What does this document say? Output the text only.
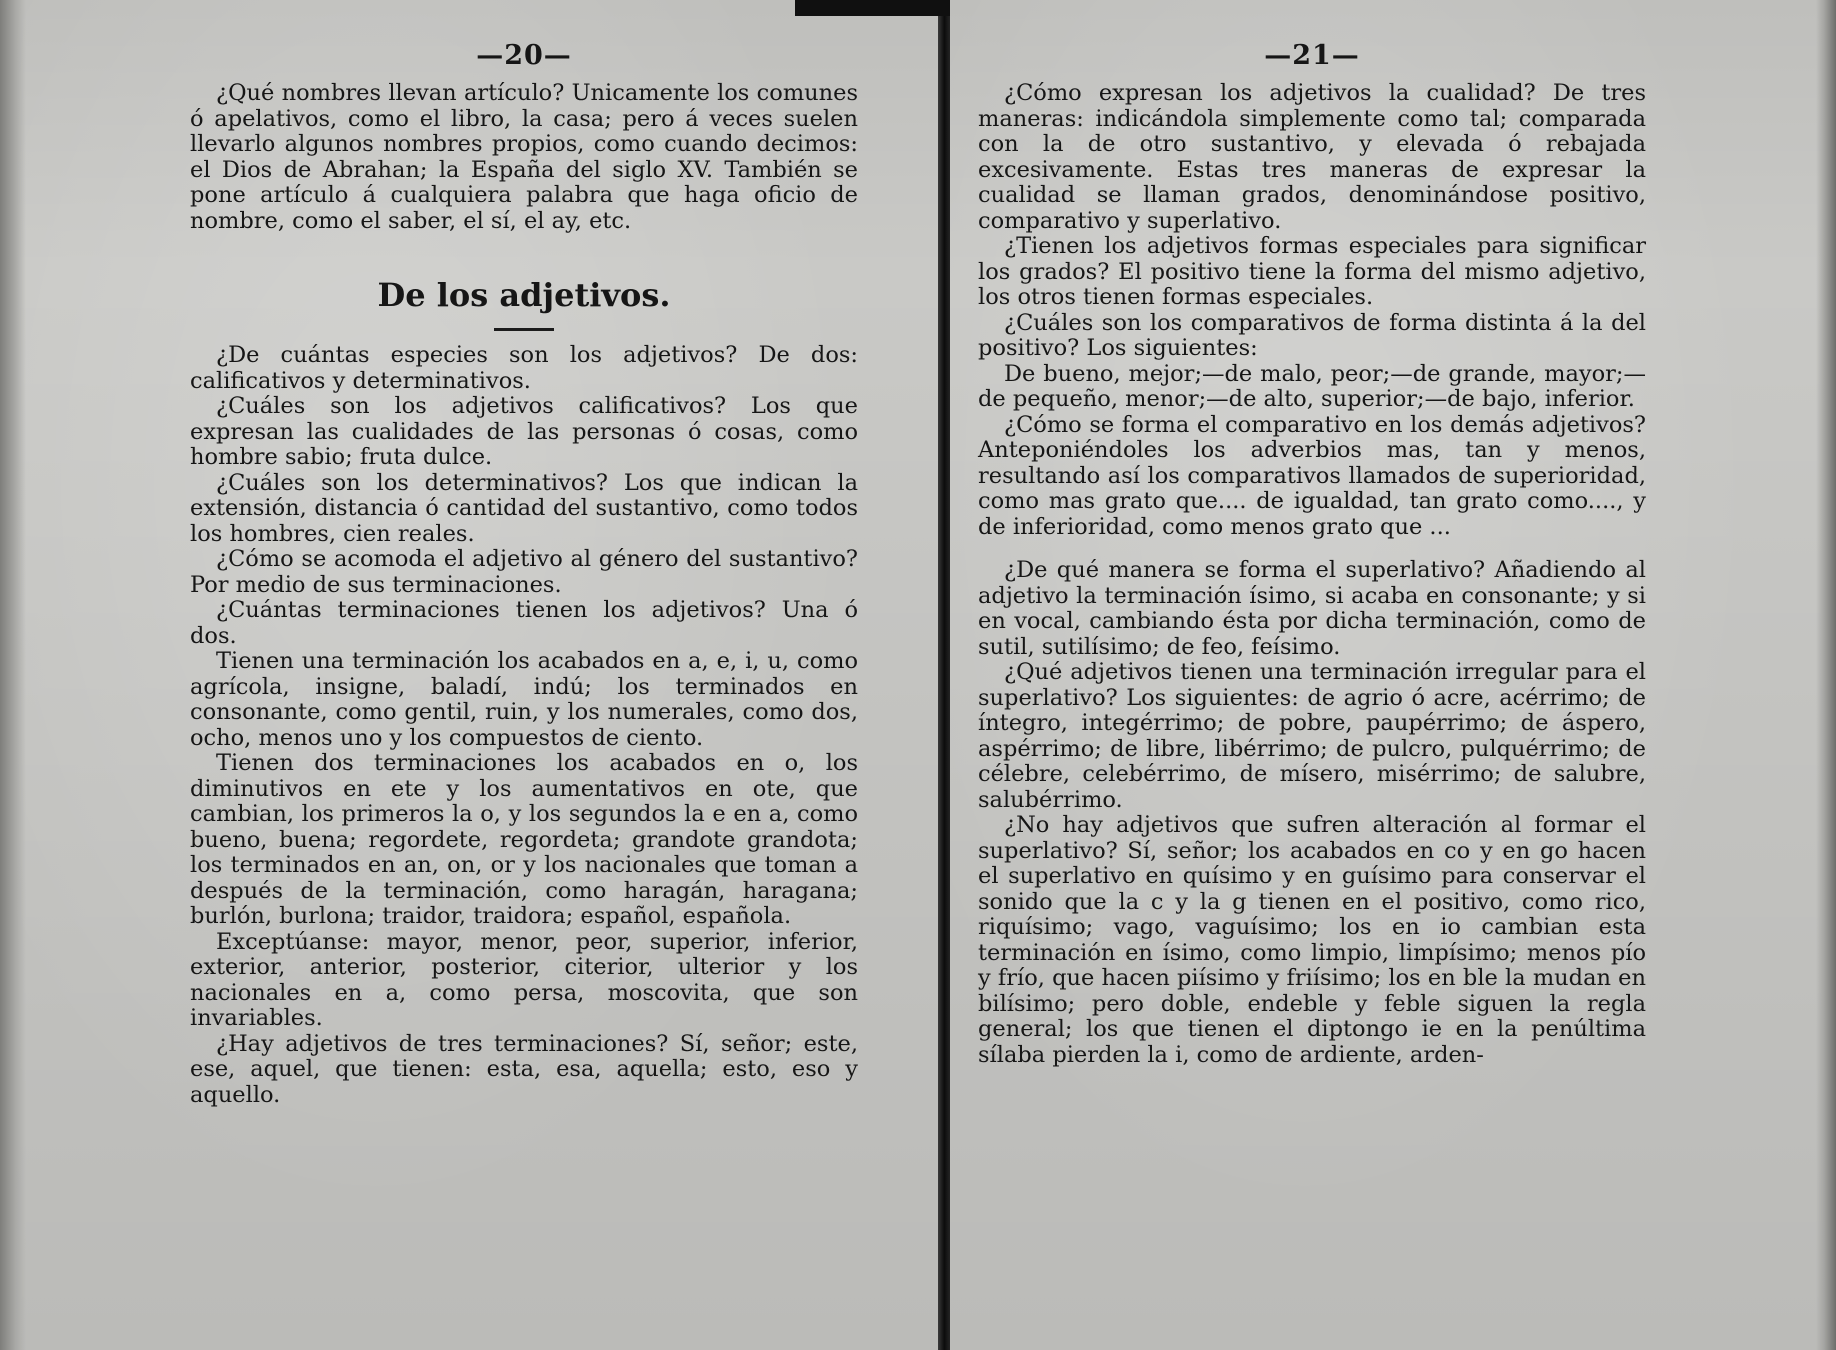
—20—

¿Qué nombres llevan artículo? Unicamente los comunes ó apelativos, como el libro, la casa; pero á veces suelen llevarlo algunos nombres propios, como cuando decimos: el Dios de Abrahan; la España del siglo XV. También se pone artículo á cualquiera palabra que haga oficio de nombre, como el saber, el sí, el ay, etc.

De los adjetivos.

¿De cuántas especies son los adjetivos? De dos: calificativos y determinativos.

¿Cuáles son los adjetivos calificativos? Los que expresan las cualidades de las personas ó cosas, como hombre sabio; fruta dulce.

¿Cuáles son los determinativos? Los que indican la extensión, distancia ó cantidad del sustantivo, como todos los hombres, cien reales.

¿Cómo se acomoda el adjetivo al género del sustantivo? Por medio de sus terminaciones.

¿Cuántas terminaciones tienen los adjetivos? Una ó dos.

Tienen una terminación los acabados en a, e, i, u, como agrícola, insigne, baladí, indú; los terminados en consonante, como gentil, ruin, y los numerales, como dos, ocho, menos uno y los compuestos de ciento.

Tienen dos terminaciones los acabados en o, los diminutivos en ete y los aumentativos en ote, que cambian, los primeros la o, y los segundos la e en a, como bueno, buena; regordete, regordeta; grandote grandota; los terminados en an, on, or y los nacionales que toman a después de la terminación, como haragán, haragana; burlón, burlona; traidor, traidora; español, española.

Exceptúanse: mayor, menor, peor, superior, inferior, exterior, anterior, posterior, citerior, ulterior y los nacionales en a, como persa, moscovita, que son invariables.

¿Hay adjetivos de tres terminaciones? Sí, señor; este, ese, aquel, que tienen: esta, esa, aquella; esto, eso y aquello.

—21—

¿Cómo expresan los adjetivos la cualidad? De tres maneras: indicándola simplemente como tal; comparada con la de otro sustantivo, y elevada ó rebajada excesivamente. Estas tres maneras de expresar la cualidad se llaman grados, denominándose positivo, comparativo y superlativo.

¿Tienen los adjetivos formas especiales para significar los grados? El positivo tiene la forma del mismo adjetivo, los otros tienen formas especiales.

¿Cuáles son los comparativos de forma distinta á la del positivo? Los siguientes:

De bueno, mejor;—de malo, peor;—de grande, mayor;—de pequeño, menor;—de alto, superior;—de bajo, inferior.

¿Cómo se forma el comparativo en los demás adjetivos? Anteponiéndoles los adverbios mas, tan y menos, resultando así los comparativos llamados de superioridad, como mas grato que.... de igualdad, tan grato como...., y de inferioridad, como menos grato que ...

¿De qué manera se forma el superlativo? Añadiendo al adjetivo la terminación ísimo, si acaba en consonante; y si en vocal, cambiando ésta por dicha terminación, como de sutil, sutilísimo; de feo, feísimo.

¿Qué adjetivos tienen una terminación irregular para el superlativo? Los siguientes: de agrio ó acre, acérrimo; de íntegro, integérrimo; de pobre, paupérrimo; de áspero, aspérrimo; de libre, libérrimo; de pulcro, pulquérrimo; de célebre, celebérrimo, de mísero, misérrimo; de salubre, salubérrimo.

¿No hay adjetivos que sufren alteración al formar el superlativo? Sí, señor; los acabados en co y en go hacen el superlativo en quísimo y en guísimo para conservar el sonido que la c y la g tienen en el positivo, como rico, riquísimo; vago, vaguísimo; los en io cambian esta terminación en ísimo, como limpio, limpísimo; menos pío y frío, que hacen piísimo y friísimo; los en ble la mudan en bilísimo; pero doble, endeble y feble siguen la regla general; los que tienen el diptongo ie en la penúltima sílaba pierden la i, como de ardiente, arden-
